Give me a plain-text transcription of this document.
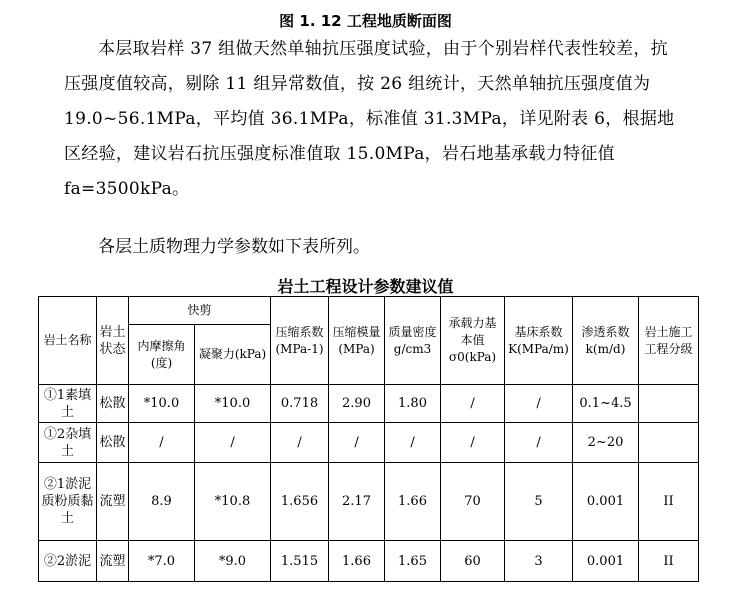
图 1. 12 工程地质断面图
本层取岩样 37 组做天然单轴抗压强度试验，由于个别岩样代表性较差，抗压强度值较高，剔除 11 组异常数值，按 26 组统计，天然单轴抗压强度值为 19.0~56.1MPa，平均值 36.1MPa，标准值 31.3MPa，详见附表 6，根据地区经验，建议岩石抗压强度标准值取 15.0MPa，岩石地基承载力特征值 fa=3500kPa。
各层土质物理力学参数如下表所列。
岩土工程设计参数建议值
岩土名称	岩土状态	快剪		压缩系数(MPa-1)	压缩模量(MPa)	质量密度g/cm3	承载力基本值σ0(kPa)	基床系数K(MPa/m)	渗透系数k(m/d)	岩土施工工程分级
		内摩擦角(度)	凝聚力(kPa)							
①1素填土	松散	*10.0	*10.0	0.718	2.90	1.80	/	/	0.1~4.5	
①2杂填土	松散	/	/	/	/	/	/	/	2~20	
②1淤泥质粉质黏土	流塑	8.9	*10.8	1.656	2.17	1.66	70	5	0.001	II
②2淤泥	流塑	*7.0	*9.0	1.515	1.66	1.65	60	3	0.001	II
